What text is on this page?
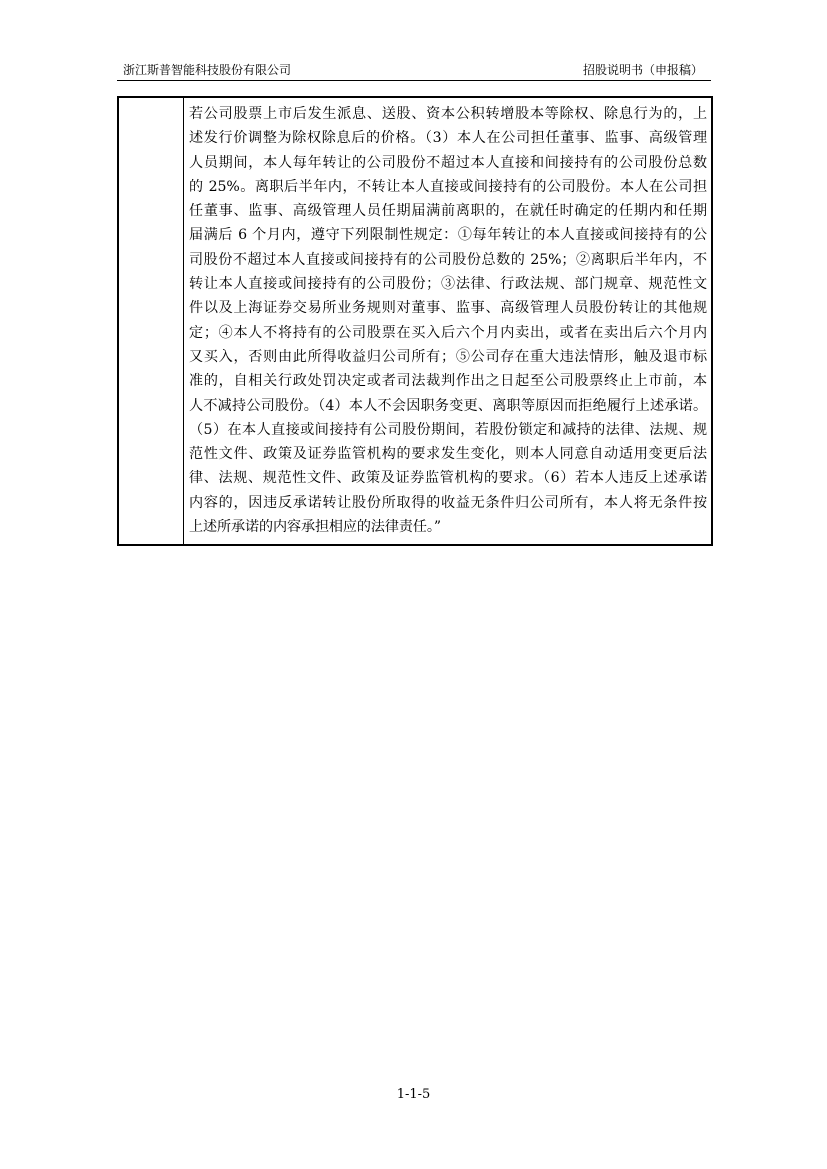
浙江斯普智能科技股份有限公司	招股说明书（申报稿）
若公司股票上市后发生派息、送股、资本公积转增股本等除权、除息行为的，上
述发行价调整为除权除息后的价格。（3）本人在公司担任董事、监事、高级管理
人员期间，本人每年转让的公司股份不超过本人直接和间接持有的公司股份总数
的 25%。离职后半年内，不转让本人直接或间接持有的公司股份。本人在公司担
任董事、监事、高级管理人员任期届满前离职的，在就任时确定的任期内和任期
届满后 6 个月内，遵守下列限制性规定：①每年转让的本人直接或间接持有的公
司股份不超过本人直接或间接持有的公司股份总数的 25%；②离职后半年内，不
转让本人直接或间接持有的公司股份；③法律、行政法规、部门规章、规范性文
件以及上海证券交易所业务规则对董事、监事、高级管理人员股份转让的其他规
定；④本人不将持有的公司股票在买入后六个月内卖出，或者在卖出后六个月内
又买入，否则由此所得收益归公司所有；⑤公司存在重大违法情形，触及退市标
准的，自相关行政处罚决定或者司法裁判作出之日起至公司股票终止上市前，本
人不减持公司股份。（4）本人不会因职务变更、离职等原因而拒绝履行上述承诺。
（5）在本人直接或间接持有公司股份期间，若股份锁定和减持的法律、法规、规
范性文件、政策及证券监管机构的要求发生变化，则本人同意自动适用变更后法
律、法规、规范性文件、政策及证券监管机构的要求。（6）若本人违反上述承诺
内容的，因违反承诺转让股份所取得的收益无条件归公司所有，本人将无条件按
上述所承诺的内容承担相应的法律责任。”
1-1-5
